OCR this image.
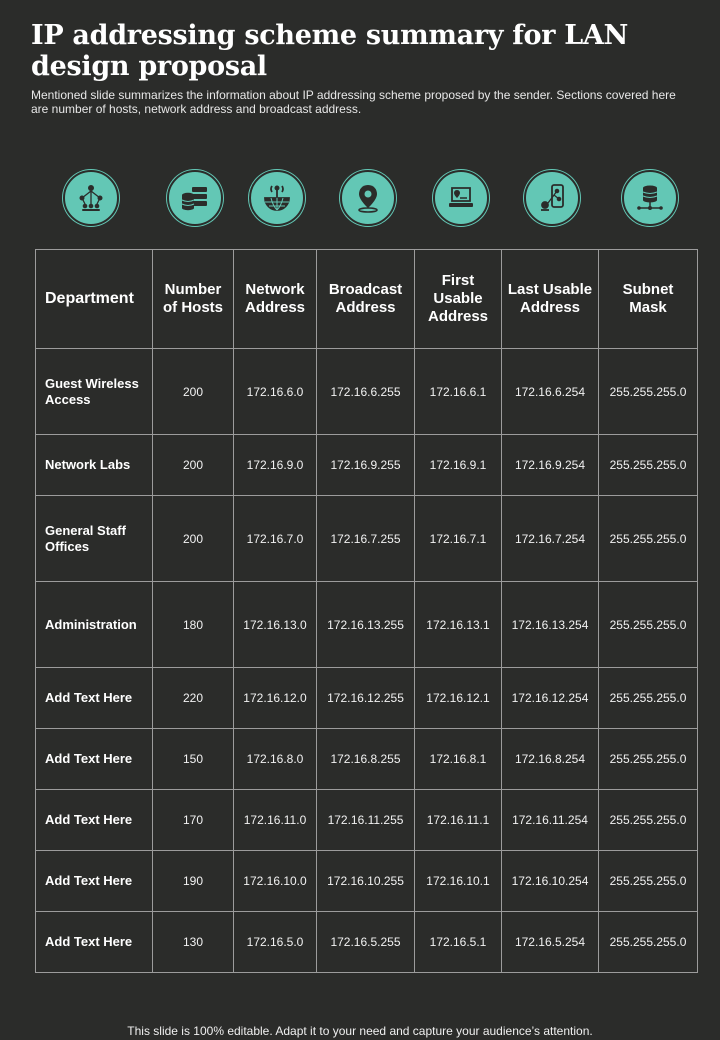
IP addressing scheme summary for LAN design proposal

Mentioned slide summarizes the information about IP addressing scheme proposed by the sender. Sections covered here are number of hosts, network address and broadcast address.

Department	Number of Hosts	Network Address	Broadcast Address	First Usable Address	Last Usable Address	Subnet Mask
Guest Wireless Access	200	172.16.6.0	172.16.6.255	172.16.6.1	172.16.6.254	255.255.255.0
Network Labs	200	172.16.9.0	172.16.9.255	172.16.9.1	172.16.9.254	255.255.255.0
General Staff Offices	200	172.16.7.0	172.16.7.255	172.16.7.1	172.16.7.254	255.255.255.0
Administration	180	172.16.13.0	172.16.13.255	172.16.13.1	172.16.13.254	255.255.255.0
Add Text Here	220	172.16.12.0	172.16.12.255	172.16.12.1	172.16.12.254	255.255.255.0
Add Text Here	150	172.16.8.0	172.16.8.255	172.16.8.1	172.16.8.254	255.255.255.0
Add Text Here	170	172.16.11.0	172.16.11.255	172.16.11.1	172.16.11.254	255.255.255.0
Add Text Here	190	172.16.10.0	172.16.10.255	172.16.10.1	172.16.10.254	255.255.255.0
Add Text Here	130	172.16.5.0	172.16.5.255	172.16.5.1	172.16.5.254	255.255.255.0
This slide is 100% editable. Adapt it to your need and capture your audience’s attention.
